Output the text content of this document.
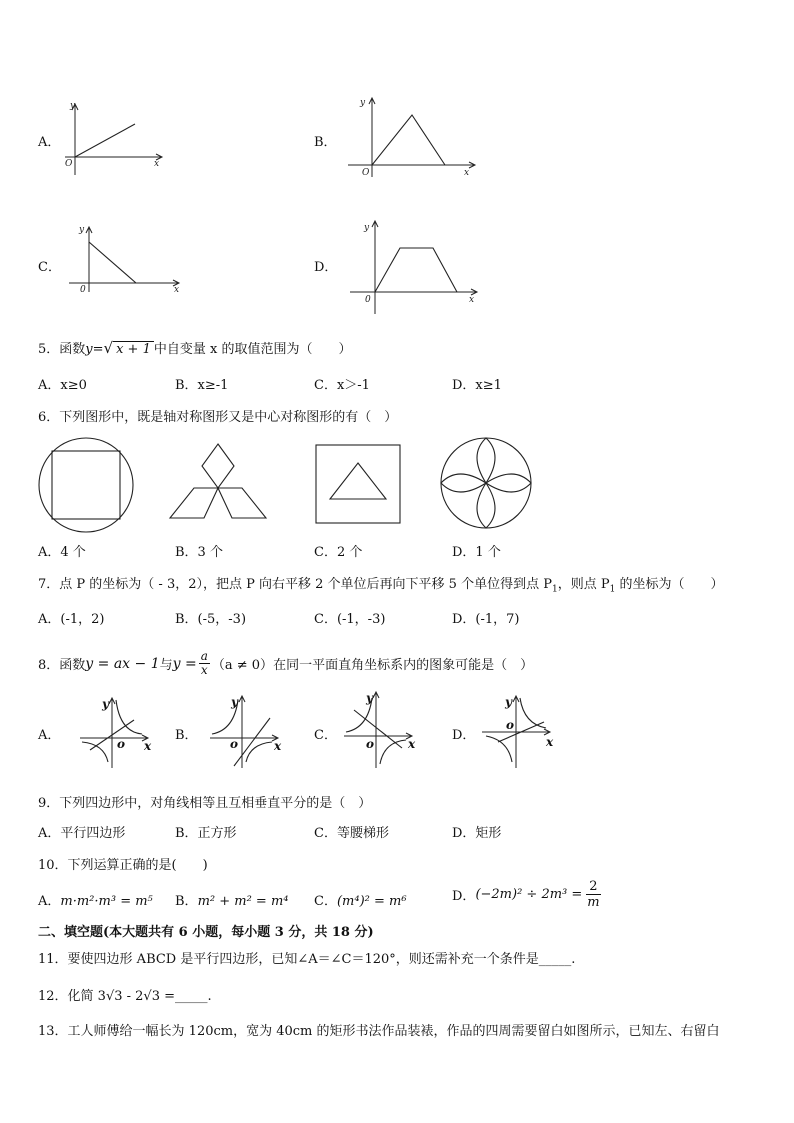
A．
y
x
O
B．
y
x
O
C．
y
x
0
D．
y
x
0
5．函数y=√ x + 1 中自变量 x 的取值范围为（　　）
A．x≥0	B．x≥-1	C．x＞-1	D．x≥1
6．下列图形中，既是轴对称图形又是中心对称图形的有（　）
A．4 个	B．3 个	C．2 个	D．1 个
7．点 P 的坐标为（ - 3，2），把点 P 向右平移 2 个单位后再向下平移 5 个单位得到点 $P_1$，则点 $P_1$ 的坐标为（　　）
A．(-1，2)	B．(-5，-3)	C．(-1，-3)	D．(-1，7)
8．函数 y = ax − 1 与 $y = \frac{a}{x} (a \ne 0)$ 在同一平面直角坐标系内的图象可能是（　）
A．
y
x
o
B．
y
x
o
C．
y
x
o
D．
y
x
o
9．下列四边形中，对角线相等且互相垂直平分的是（　）
A．平行四边形	B．正方形	C．等腰梯形	D．矩形
10．下列运算正确的是(　　)
A．m·m²·m³ = m⁵ B．m² + m² = m⁴ C．(m⁴)² = m⁶	D． $(-2m)^2 \div 2m^3 = \frac{2}{m}$
二、填空题(本大题共有 6 小题，每小题 3 分，共 18 分)
11．要使四边形 ABCD 是平行四边形，已知∠A＝∠C＝120°，则还需补充一个条件是_____.
12．化简 3√3 - 2√3 =_____.
13．工人师傅给一幅长为 120cm，宽为 40cm 的矩形书法作品装裱，作品的四周需要留白如图所示，已知左、右留白
